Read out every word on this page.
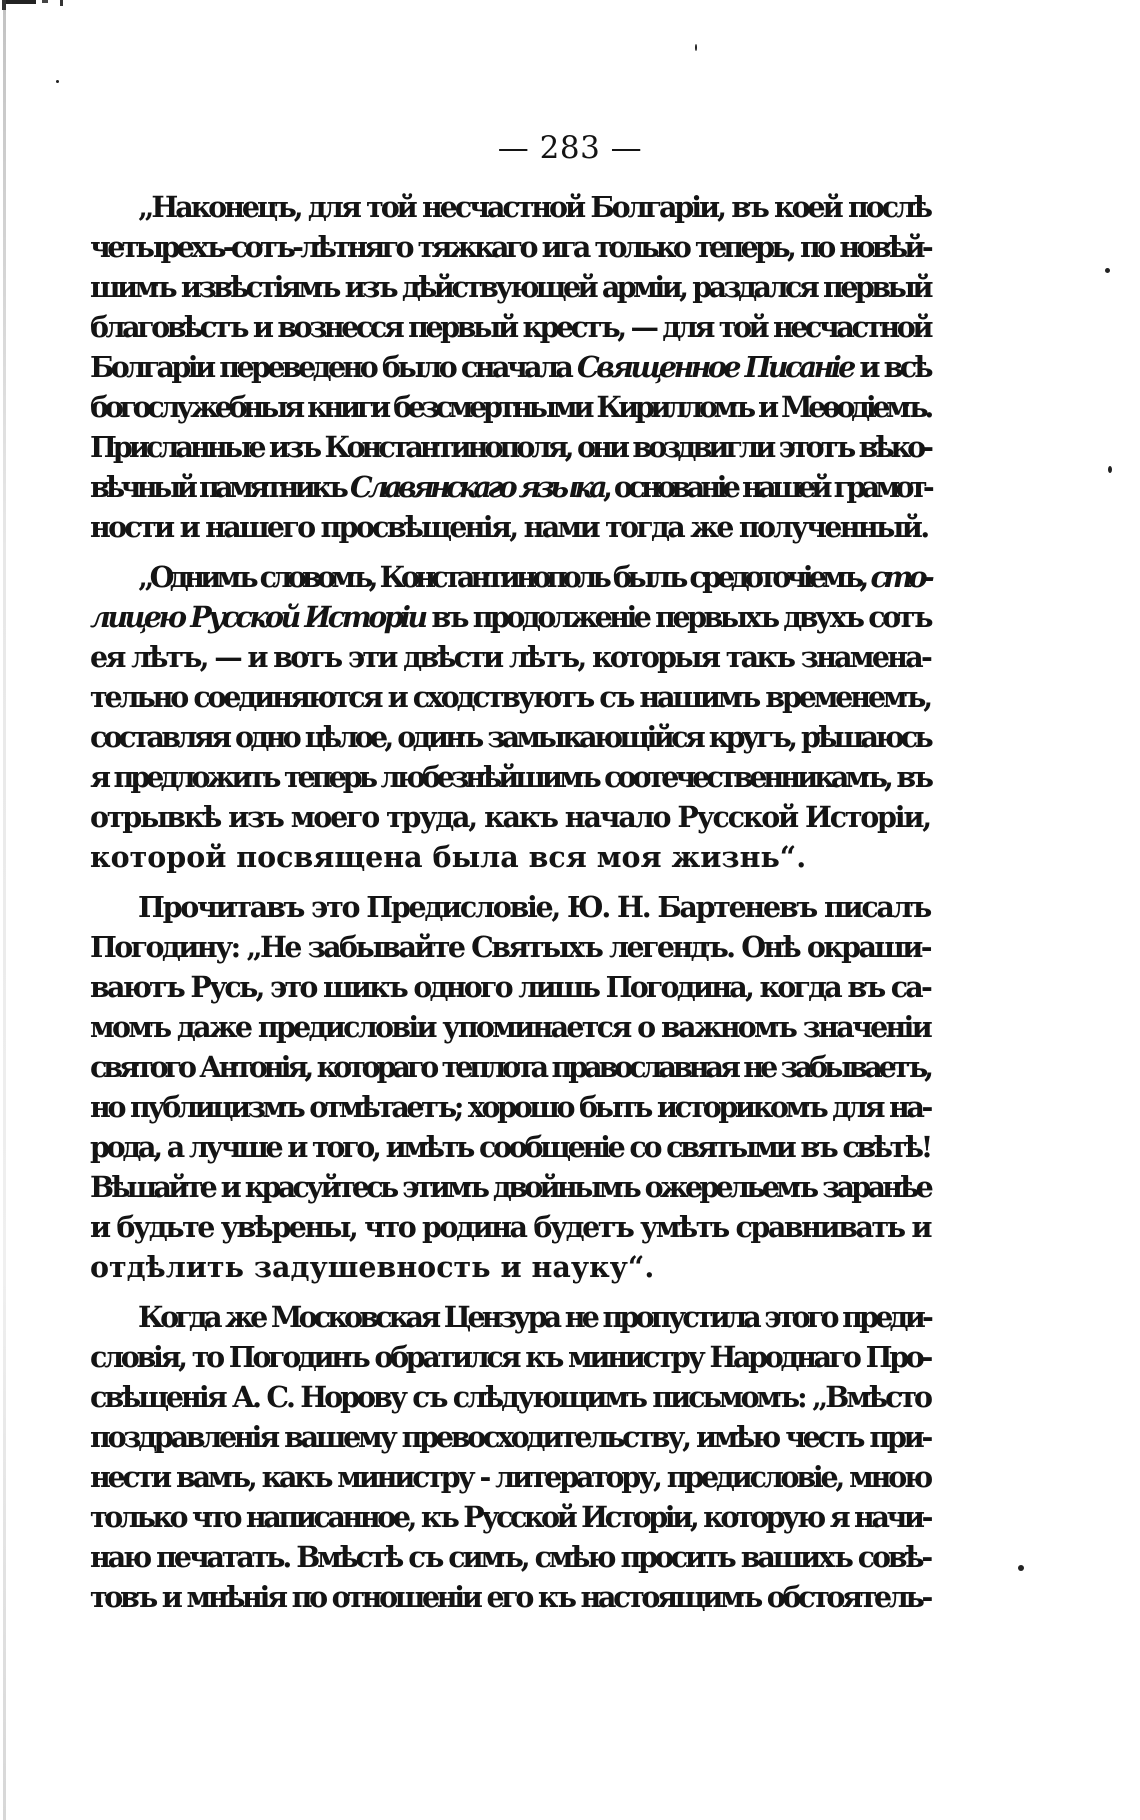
— 283 —
„Наконецъ, для той несчастной Болгаріи, въ коей послѣ
четырехъ-сотъ-лѣтняго тяжкаго ига только теперь, по новѣй-
шимъ извѣстіямъ изъ дѣйствующей арміи, раздался первый
благовѣстъ и вознесся первый крестъ, — для той несчастной
Болгаріи переведено было сначала Священное Писаніе и всѣ
богослужебныя книги безсмертными Кирилломъ и Меѳодіемъ.
Присланные изъ Константинополя, они воздвигли этотъ вѣко-
вѣчный памятникъ Славянскаго языка, основаніе нашей грамот-
ности и нашего просвѣщенія, нами тогда же полученный.
„Однимъ словомъ, Константинополь былъ средоточіемъ, сто-
лицею Русской Исторіи въ продолженіе первыхъ двухъ сотъ
ея лѣтъ, — и вотъ эти двѣсти лѣтъ, которыя такъ знамена-
тельно соединяются и сходствуютъ съ нашимъ временемъ,
составляя одно цѣлое, одинъ замыкающійся кругъ, рѣшаюсь
я предложить теперь любезнѣйшимъ соотечественникамъ, въ
отрывкѣ изъ моего труда, какъ начало Русской Исторіи,
которой посвящена была вся моя жизнь“.
Прочитавъ это Предисловіе, Ю. Н. Бартеневъ писалъ
Погодину: „Не забывайте Святыхъ легендъ. Онѣ окраши-
ваютъ Русь, это шикъ одного лишь Погодина, когда въ са-
момъ даже предисловіи упоминается о важномъ значеніи
святого Антонія, котораго теплота православная не забываетъ,
но публицизмъ отмѣтаетъ; хорошо быть историкомъ для на-
рода, а лучше и того, имѣть сообщеніе со святыми въ свѣтѣ!
Вѣшайте и красуйтесь этимъ двойнымъ ожерельемъ заранѣе
и будьте увѣрены, что родина будетъ умѣть сравнивать и
отдѣлить задушевность и науку“.
Когда же Московская Цензура не пропустила этого преди-
словія, то Погодинъ обратился къ министру Народнаго Про-
свѣщенія А. С. Норову съ слѣдующимъ письмомъ: „Вмѣсто
поздравленія вашему превосходительству, имѣю честь при-
нести вамъ, какъ министру - литератору, предисловіе, мною
только что написанное, къ Русской Исторіи, которую я начи-
наю печатать. Вмѣстѣ съ симъ, смѣю просить вашихъ совѣ-
товъ и мнѣнія по отношеніи его къ настоящимъ обстоятель-
